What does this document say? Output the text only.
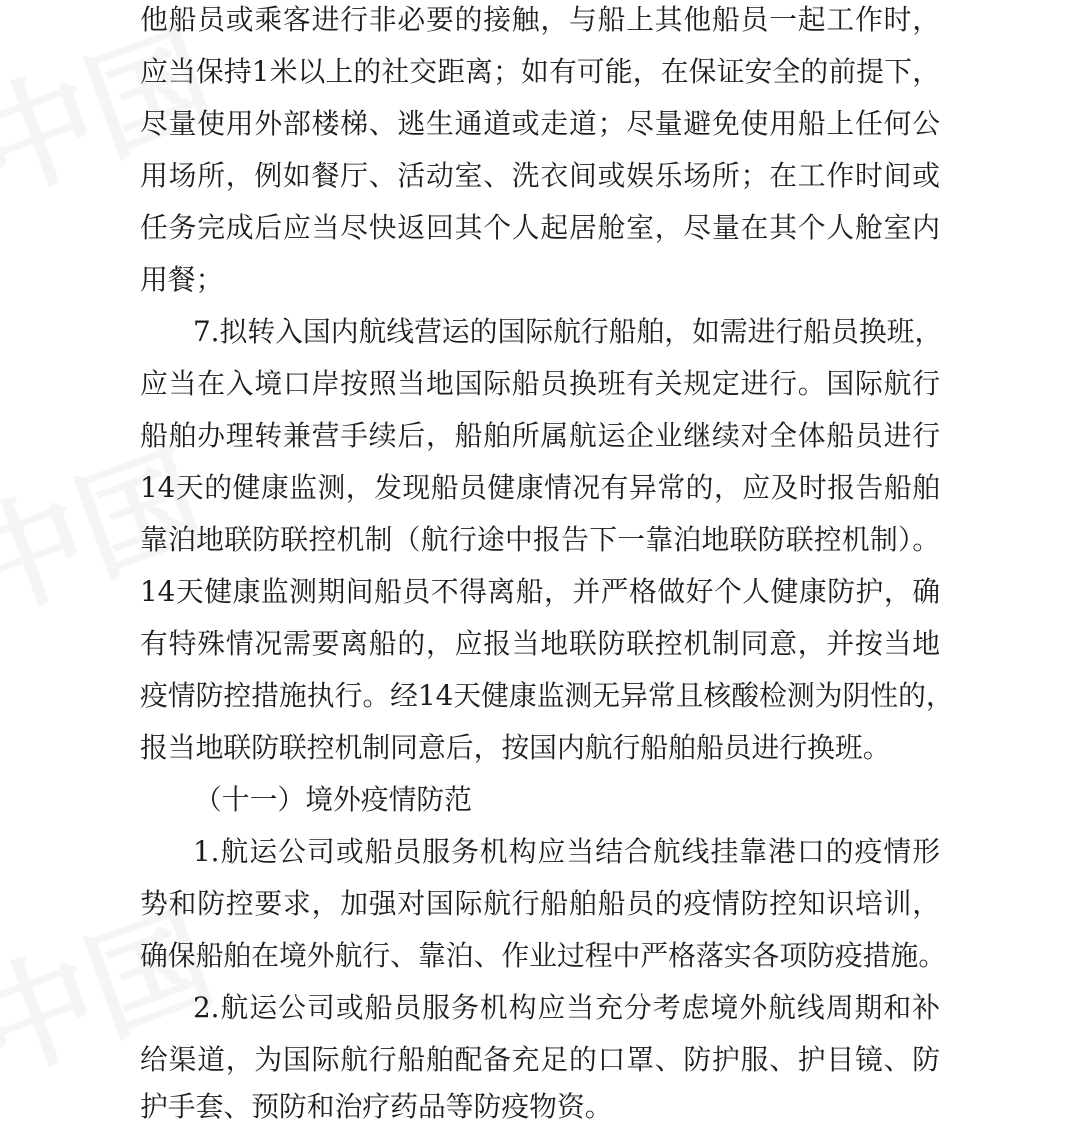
他船员或乘客进行非必要的接触，与船上其他船员一起工作时，

应当保持1米以上的社交距离；如有可能，在保证安全的前提下，

尽量使用外部楼梯、逃生通道或走道；尽量避免使用船上任何公

用场所，例如餐厅、活动室、洗衣间或娱乐场所；在工作时间或

任务完成后应当尽快返回其个人起居舱室，尽量在其个人舱室内

用餐；

7.拟转入国内航线营运的国际航行船舶，如需进行船员换班，

应当在入境口岸按照当地国际船员换班有关规定进行。国际航行

船舶办理转兼营手续后，船舶所属航运企业继续对全体船员进行

14天的健康监测，发现船员健康情况有异常的，应及时报告船舶

靠泊地联防联控机制（航行途中报告下一靠泊地联防联控机制）。

14天健康监测期间船员不得离船，并严格做好个人健康防护，确

有特殊情况需要离船的，应报当地联防联控机制同意，并按当地

疫情防控措施执行。经14天健康监测无异常且核酸检测为阴性的，

报当地联防联控机制同意后，按国内航行船舶船员进行换班。

（十一）境外疫情防范

1.航运公司或船员服务机构应当结合航线挂靠港口的疫情形

势和防控要求，加强对国际航行船舶船员的疫情防控知识培训，

确保船舶在境外航行、靠泊、作业过程中严格落实各项防疫措施。

2.航运公司或船员服务机构应当充分考虑境外航线周期和补

给渠道，为国际航行船舶配备充足的口罩、防护服、护目镜、防

护手套、预防和治疗药品等防疫物资。
